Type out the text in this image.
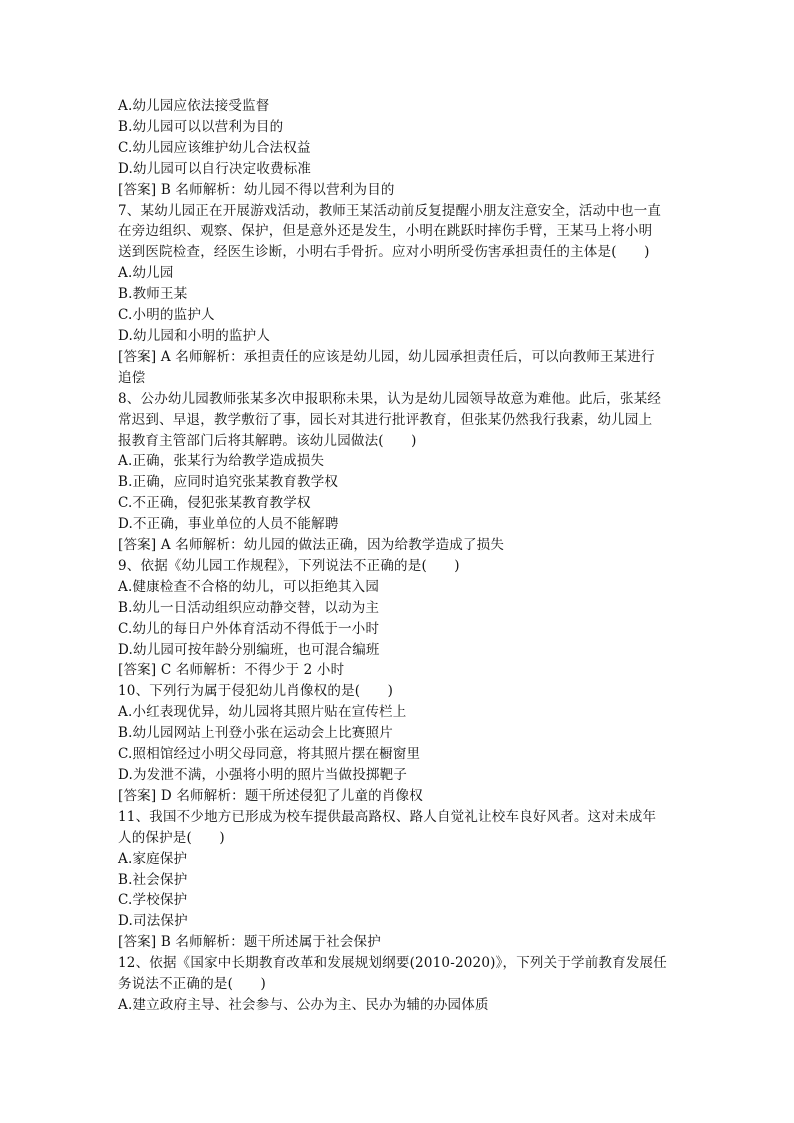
A.幼儿园应依法接受监督
B.幼儿园可以以营利为目的
C.幼儿园应该维护幼儿合法权益
D.幼儿园可以自行决定收费标准
[答案] B 名师解析：幼儿园不得以营利为目的
7、某幼儿园正在开展游戏活动，教师王某活动前反复提醒小朋友注意安全，活动中也一直
在旁边组织、观察、保护，但是意外还是发生，小明在跳跃时摔伤手臂，王某马上将小明
送到医院检查，经医生诊断，小明右手骨折。应对小明所受伤害承担责任的主体是(　　)
A.幼儿园
B.教师王某
C.小明的监护人
D.幼儿园和小明的监护人
[答案] A 名师解析：承担责任的应该是幼儿园，幼儿园承担责任后，可以向教师王某进行
追偿
8、公办幼儿园教师张某多次申报职称未果，认为是幼儿园领导故意为难他。此后，张某经
常迟到、早退，教学敷衍了事，园长对其进行批评教育，但张某仍然我行我素，幼儿园上
报教育主管部门后将其解聘。该幼儿园做法(　　)
A.正确，张某行为给教学造成损失
B.正确，应同时追究张某教育教学权
C.不正确，侵犯张某教育教学权
D.不正确，事业单位的人员不能解聘
[答案] A 名师解析：幼儿园的做法正确，因为给教学造成了损失
9、依据《幼儿园工作规程》，下列说法不正确的是(　　)
A.健康检查不合格的幼儿，可以拒绝其入园
B.幼儿一日活动组织应动静交替，以动为主
C.幼儿的每日户外体育活动不得低于一小时
D.幼儿园可按年龄分别编班，也可混合编班
[答案] C 名师解析：不得少于 2 小时
10、下列行为属于侵犯幼儿肖像权的是(　　)
A.小红表现优异，幼儿园将其照片贴在宣传栏上
B.幼儿园网站上刊登小张在运动会上比赛照片
C.照相馆经过小明父母同意，将其照片摆在橱窗里
D.为发泄不满，小强将小明的照片当做投掷靶子
[答案] D 名师解析：题干所述侵犯了儿童的肖像权
11、我国不少地方已形成为校车提供最高路权、路人自觉礼让校车良好风者。这对未成年
人的保护是(　　)
A.家庭保护
B.社会保护
C.学校保护
D.司法保护
[答案] B 名师解析：题干所述属于社会保护
12、依据《国家中长期教育改革和发展规划纲要(2010-2020)》，下列关于学前教育发展任
务说法不正确的是(　　)
A.建立政府主导、社会参与、公办为主、民办为辅的办园体质
